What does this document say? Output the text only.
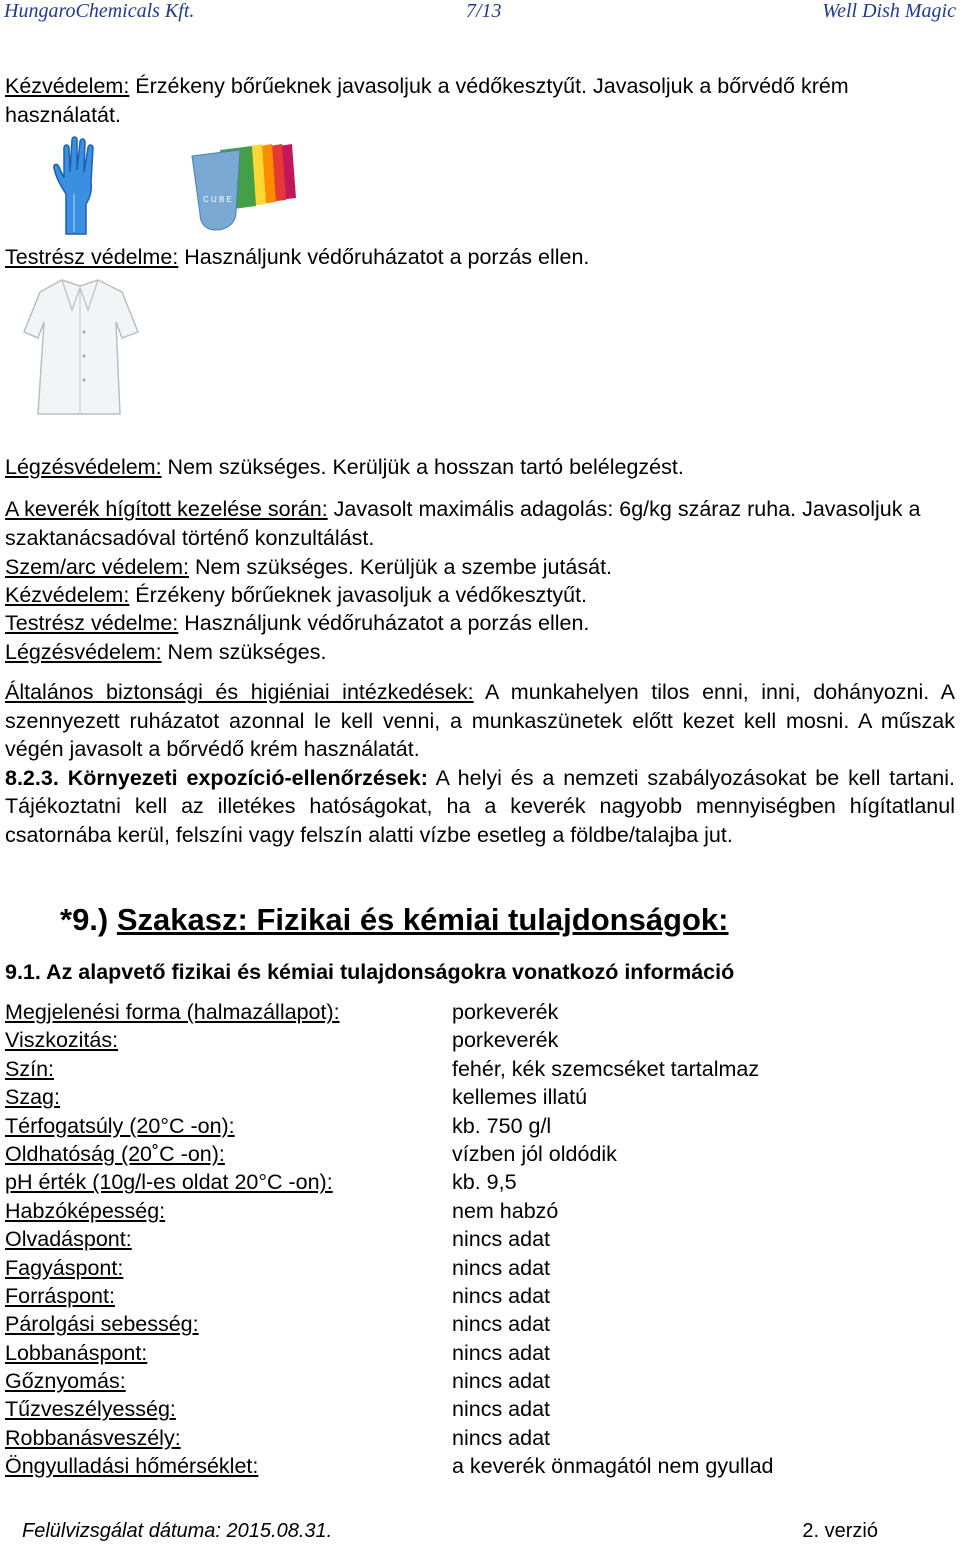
HungaroChemicals Kft.	7/13	Well Dish Magic
Kézvédelem: Érzékeny bőrűeknek javasoljuk a védőkesztyűt. Javasoljuk a bőrvédő krém használatát.
C U B E
Testrész védelme: Használjunk védőruházatot a porzás ellen.
Légzésvédelem: Nem szükséges. Kerüljük a hosszan tartó belélegzést.
A keverék hígított kezelése során: Javasolt maximális adagolás: 6g/kg száraz ruha. Javasoljuk a szaktanácsadóval történő konzultálást.
Szem/arc védelem: Nem szükséges. Kerüljük a szembe jutását.
Kézvédelem: Érzékeny bőrűeknek javasoljuk a védőkesztyűt.
Testrész védelme: Használjunk védőruházatot a porzás ellen.
Légzésvédelem: Nem szükséges.
Általános biztonsági és higiéniai intézkedések: A munkahelyen tilos enni, inni, dohányozni. A szennyezett ruházatot azonnal le kell venni, a munkaszünetek előtt kezet kell mosni. A műszak végén javasolt a bőrvédő krém használatát.
8.2.3. Környezeti expozíció-ellenőrzések: A helyi és a nemzeti szabályozásokat be kell tartani. Tájékoztatni kell az illetékes hatóságokat, ha a keverék nagyobb mennyiségben hígítatlanul csatornába kerül, felszíni vagy felszín alatti vízbe esetleg a földbe/talajba jut.
*9.) Szakasz: Fizikai és kémiai tulajdonságok:
9.1. Az alapvető fizikai és kémiai tulajdonságokra vonatkozó információ
Megjelenési forma (halmazállapot):	porkeverék
Viszkozitás:	porkeverék
Szín:	fehér, kék szemcséket tartalmaz
Szag:	kellemes illatú
Térfogatsúly (20°C -on):	kb. 750 g/l
Oldhatóság (20˚C -on):	vízben jól oldódik
pH érték (10g/l-es oldat 20°C -on):	kb. 9,5
Habzóképesség:	nem habzó
Olvadáspont:	nincs adat
Fagyáspont:	nincs adat
Forráspont:	nincs adat
Párolgási sebesség:	nincs adat
Lobbanáspont:	nincs adat
Gőznyomás:	nincs adat
Tűzveszélyesség:	nincs adat
Robbanásveszély:	nincs adat
Öngyulladási hőmérséklet:	a keverék önmagától nem gyullad
Felülvizsgálat dátuma: 2015.08.31.	2. verzió
